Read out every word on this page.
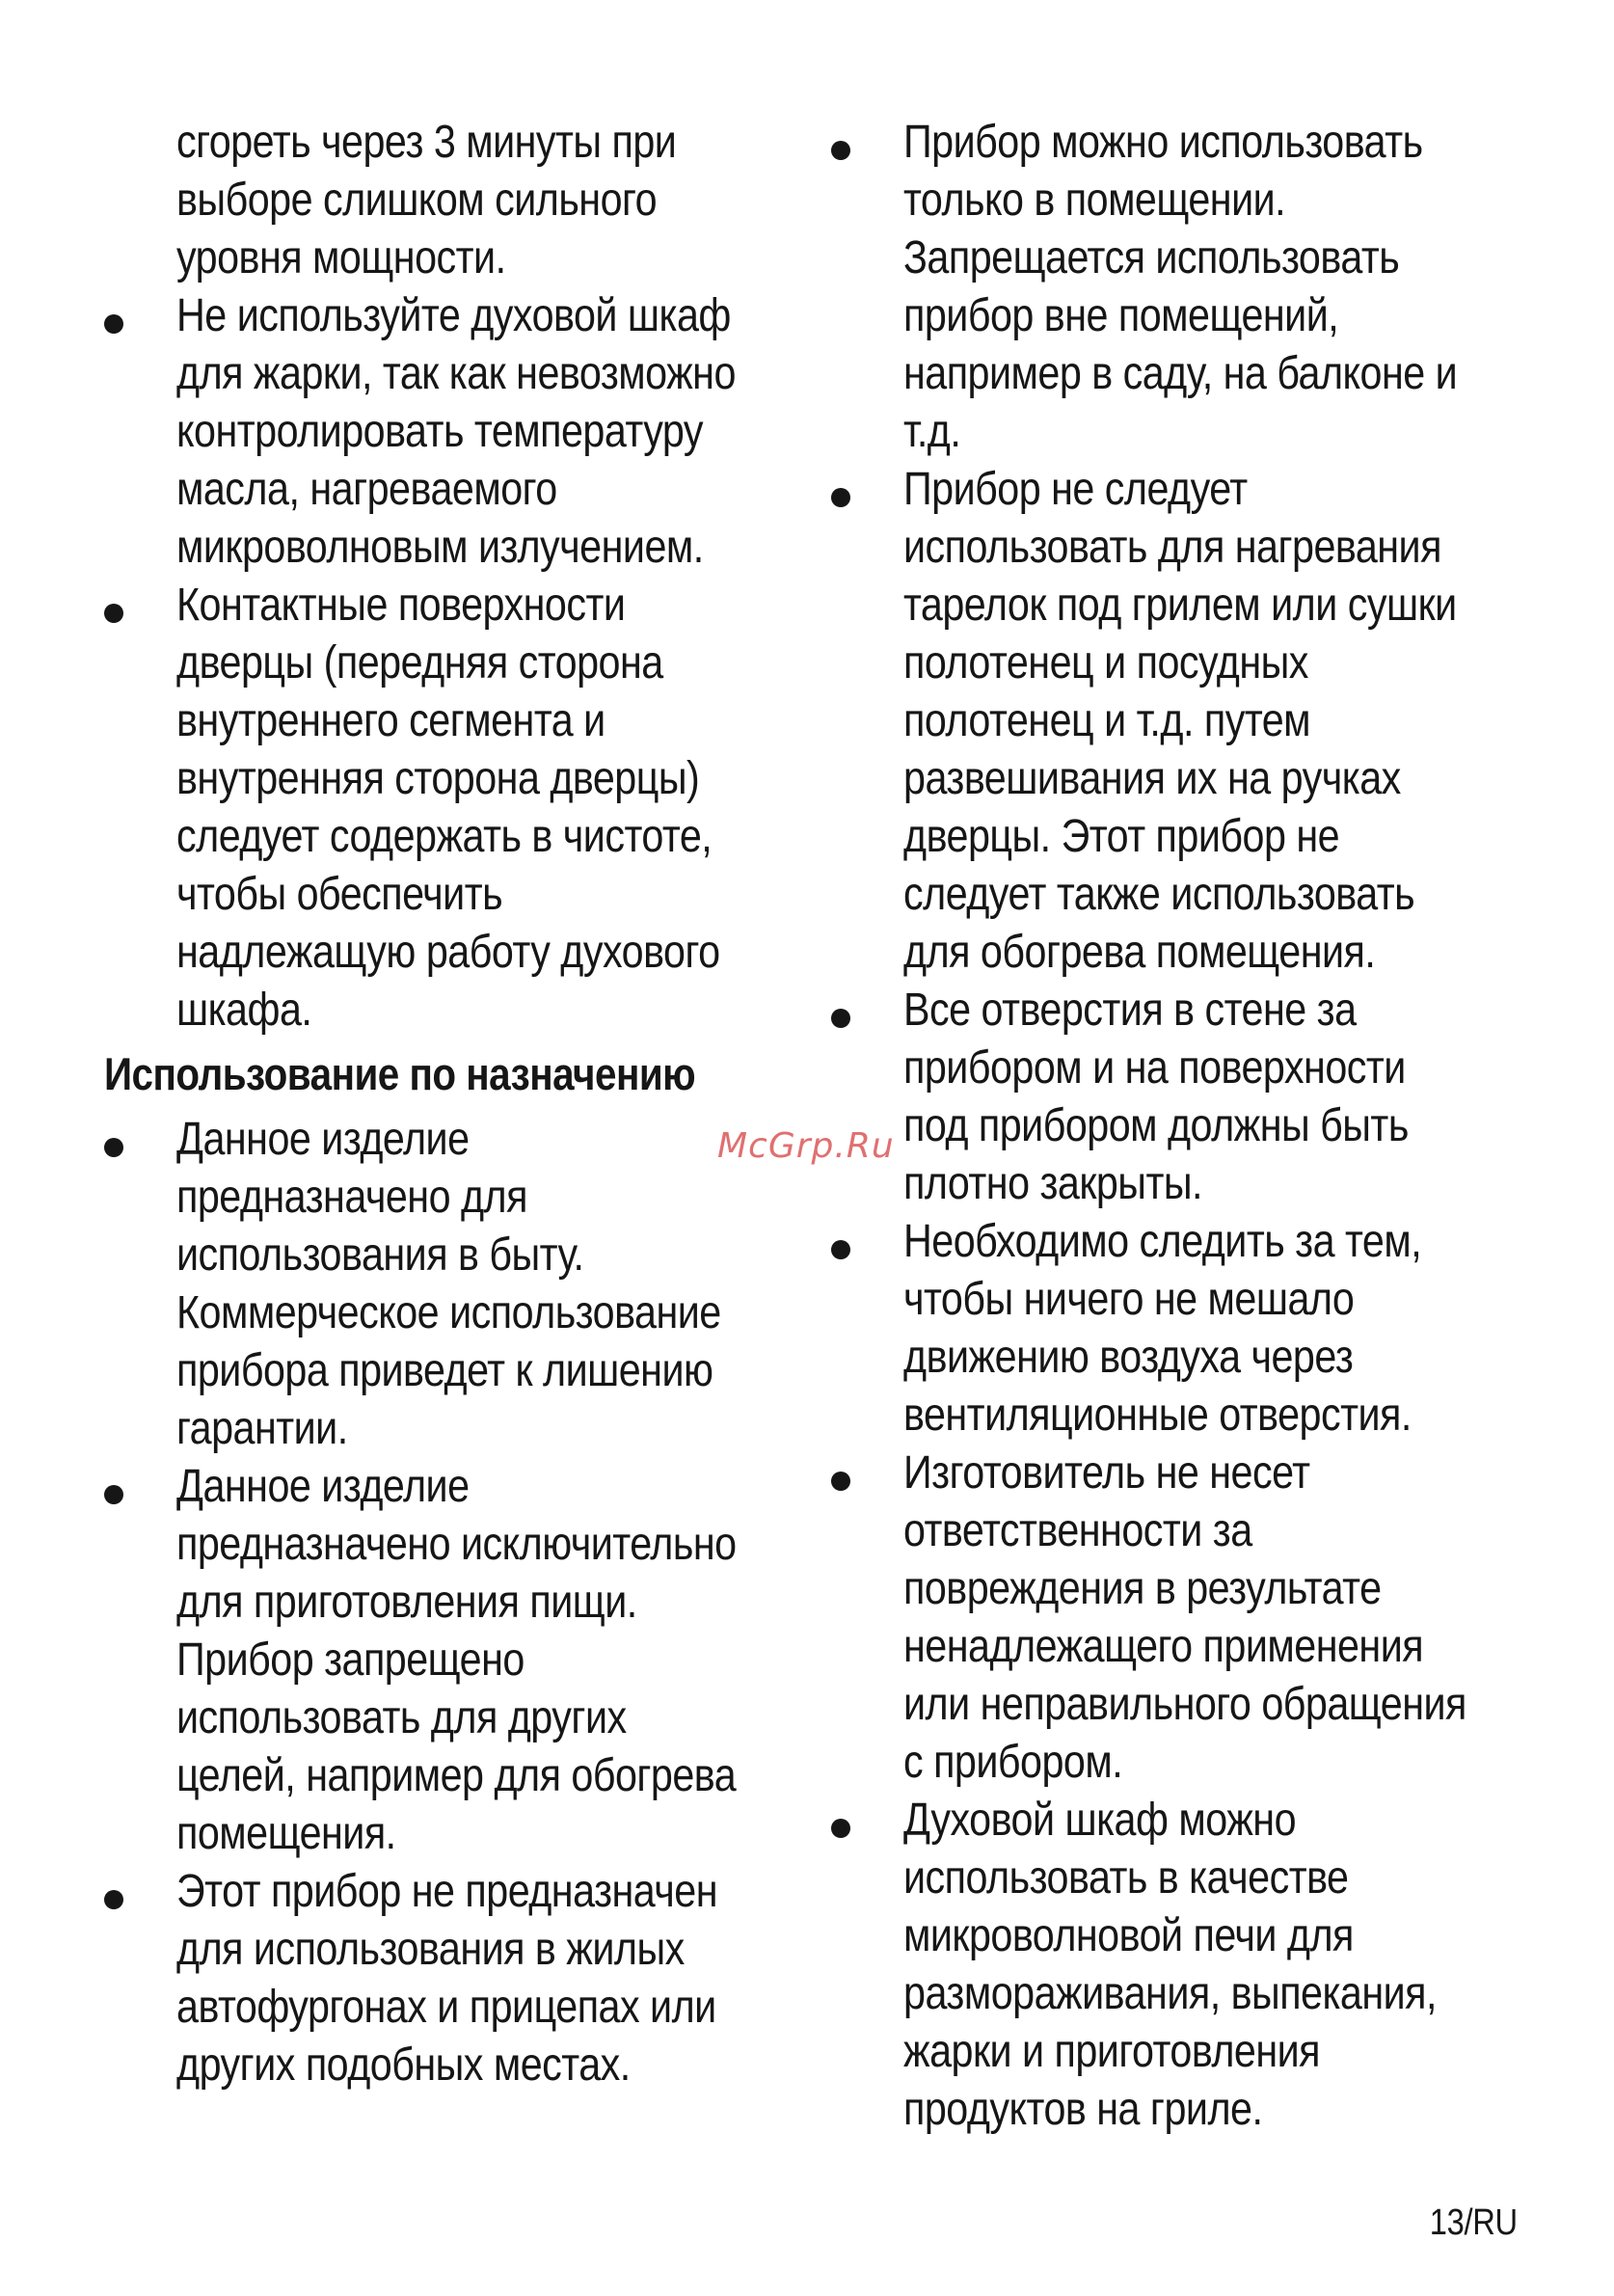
сгореть через 3 минуты при
выборе слишком сильного
уровня мощности.
Не используйте духовой шкаф
для жарки, так как невозможно
контролировать температуру
масла, нагреваемого
микроволновым излучением.
Контактные поверхности
дверцы (передняя сторона
внутреннего сегмента и
внутренняя сторона дверцы)
следует содержать в чистоте,
чтобы обеспечить
надлежащую работу духового
шкафа.
Использование по назначению
Данное изделие
предназначено для
использования в быту.
Коммерческое использование
прибора приведет к лишению
гарантии.
Данное изделие
предназначено исключительно
для приготовления пищи.
Прибор запрещено
использовать для других
целей, например для обогрева
помещения.
Этот прибор не предназначен
для использования в жилых
автофургонах и прицепах или
других подобных местах.
Прибор можно использовать
только в помещении.
Запрещается использовать
прибор вне помещений,
например в саду, на балконе и
т.д.
Прибор не следует
использовать для нагревания
тарелок под грилем или сушки
полотенец и посудных
полотенец и т.д. путем
развешивания их на ручках
дверцы. Этот прибор не
следует также использовать
для обогрева помещения.
Все отверстия в стене за
прибором и на поверхности
под прибором должны быть
плотно закрыты.
Необходимо следить за тем,
чтобы ничего не мешало
движению воздуха через
вентиляционные отверстия.
Изготовитель не несет
ответственности за
повреждения в результате
ненадлежащего применения
или неправильного обращения
с прибором.
Духовой шкаф можно
использовать в качестве
микроволновой печи для
размораживания, выпекания,
жарки и приготовления
продуктов на гриле.
McGrp.Ru
13/RU
